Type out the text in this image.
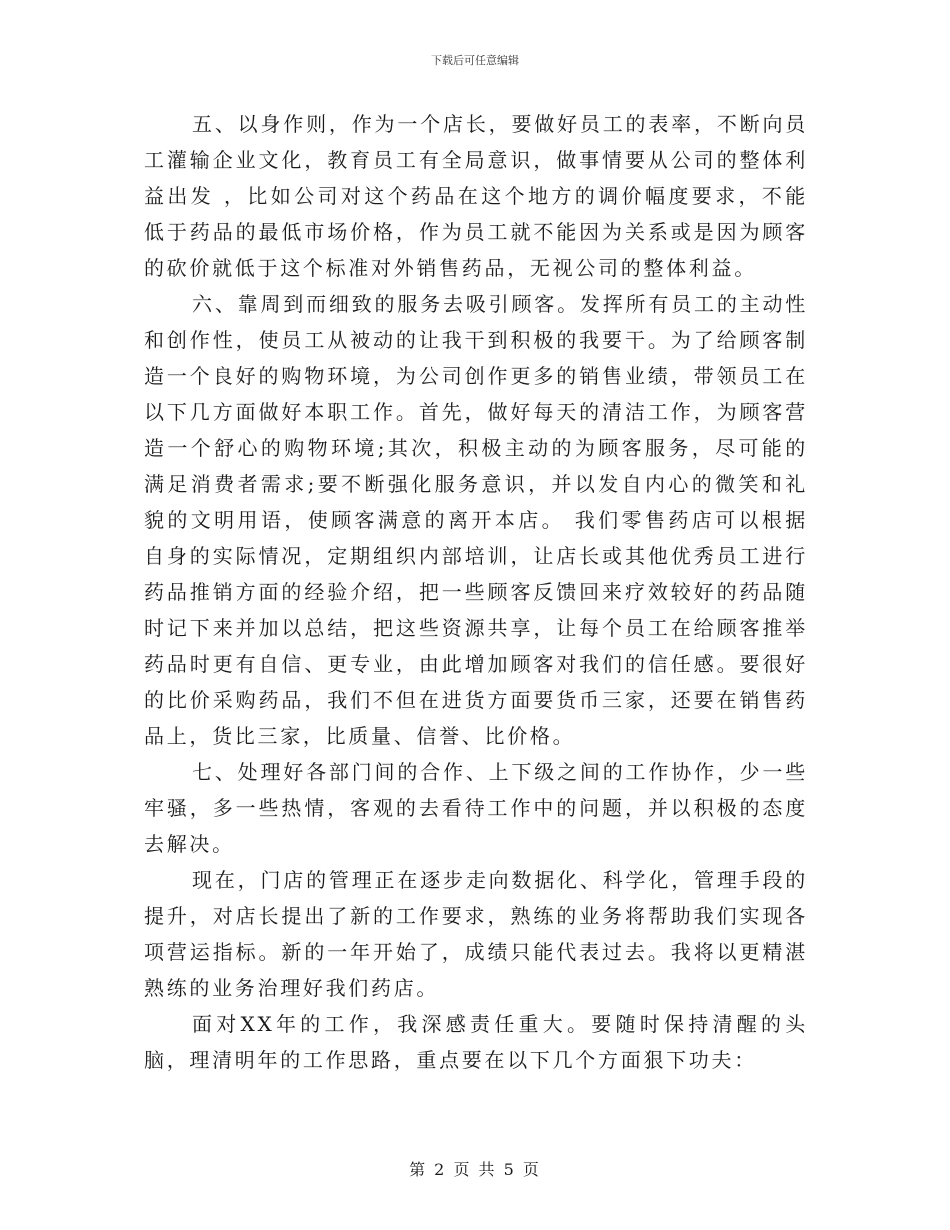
下载后可任意编辑

五、以身作则，作为一个店长，要做好员工的表率，不断向员工灌输企业文化，教育员工有全局意识，做事情要从公司的整体利益出发 ，比如公司对这个药品在这个地方的调价幅度要求，不能低于药品的最低市场价格，作为员工就不能因为关系或是因为顾客的砍价就低于这个标准对外销售药品，无视公司的整体利益。

六、靠周到而细致的服务去吸引顾客。发挥所有员工的主动性和创作性，使员工从被动的让我干到积极的我要干。为了给顾客制造一个良好的购物环境，为公司创作更多的销售业绩，带领员工在以下几方面做好本职工作。首先，做好每天的清洁工作，为顾客营造一个舒心的购物环境;其次，积极主动的为顾客服务，尽可能的满足消费者需求;要不断强化服务意识，并以发自内心的微笑和礼貌的文明用语，使顾客满意的离开本店。 我们零售药店可以根据自身的实际情况，定期组织内部培训，让店长或其他优秀员工进行药品推销方面的经验介绍，把一些顾客反馈回来疗效较好的药品随时记下来并加以总结，把这些资源共享，让每个员工在给顾客推举药品时更有自信、更专业，由此增加顾客对我们的信任感。要很好的比价采购药品，我们不但在进货方面要货币三家，还要在销售药品上，货比三家，比质量、信誉、比价格。

七、处理好各部门间的合作、上下级之间的工作协作，少一些牢骚，多一些热情，客观的去看待工作中的问题，并以积极的态度去解决。

现在，门店的管理正在逐步走向数据化、科学化，管理手段的提升，对店长提出了新的工作要求，熟练的业务将帮助我们实现各项营运指标。新的一年开始了，成绩只能代表过去。我将以更精湛熟练的业务治理好我们药店。

面对XX年的工作，我深感责任重大。要随时保持清醒的头脑，理清明年的工作思路，重点要在以下几个方面狠下功夫：

第 2 页 共 5 页
